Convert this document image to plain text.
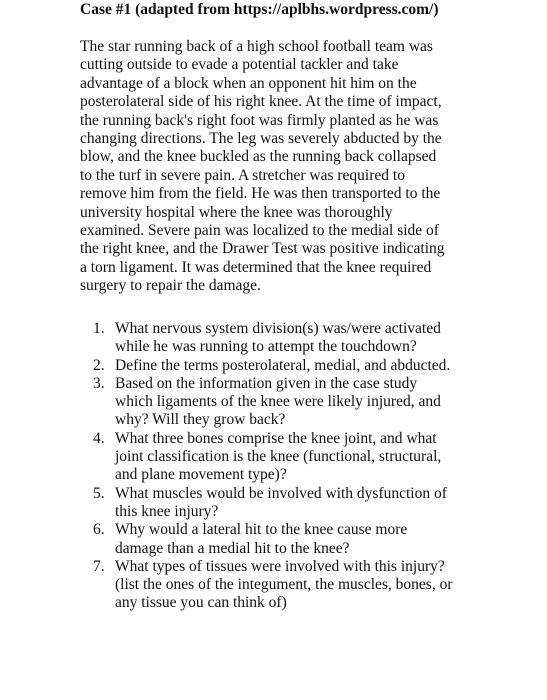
Case #1 (adapted from https://aplbhs.wordpress.com/)
The star running back of a high school football team was
cutting outside to evade a potential tackler and take
advantage of a block when an opponent hit him on the
posterolateral side of his right knee. At the time of impact,
the running back's right foot was firmly planted as he was
changing directions. The leg was severely abducted by the
blow, and the knee buckled as the running back collapsed
to the turf in severe pain. A stretcher was required to
remove him from the field. He was then transported to the
university hospital where the knee was thoroughly
examined. Severe pain was localized to the medial side of
the right knee, and the Drawer Test was positive indicating
a torn ligament. It was determined that the knee required
surgery to repair the damage.
1. What nervous system division(s) was/were activated
while he was running to attempt the touchdown?
2. Define the terms posterolateral, medial, and abducted.
3. Based on the information given in the case study
which ligaments of the knee were likely injured, and
why? Will they grow back?
4. What three bones comprise the knee joint, and what
joint classification is the knee (functional, structural,
and plane movement type)?
5. What muscles would be involved with dysfunction of
this knee injury?
6. Why would a lateral hit to the knee cause more
damage than a medial hit to the knee?
7. What types of tissues were involved with this injury?
(list the ones of the integument, the muscles, bones, or
any tissue you can think of)
